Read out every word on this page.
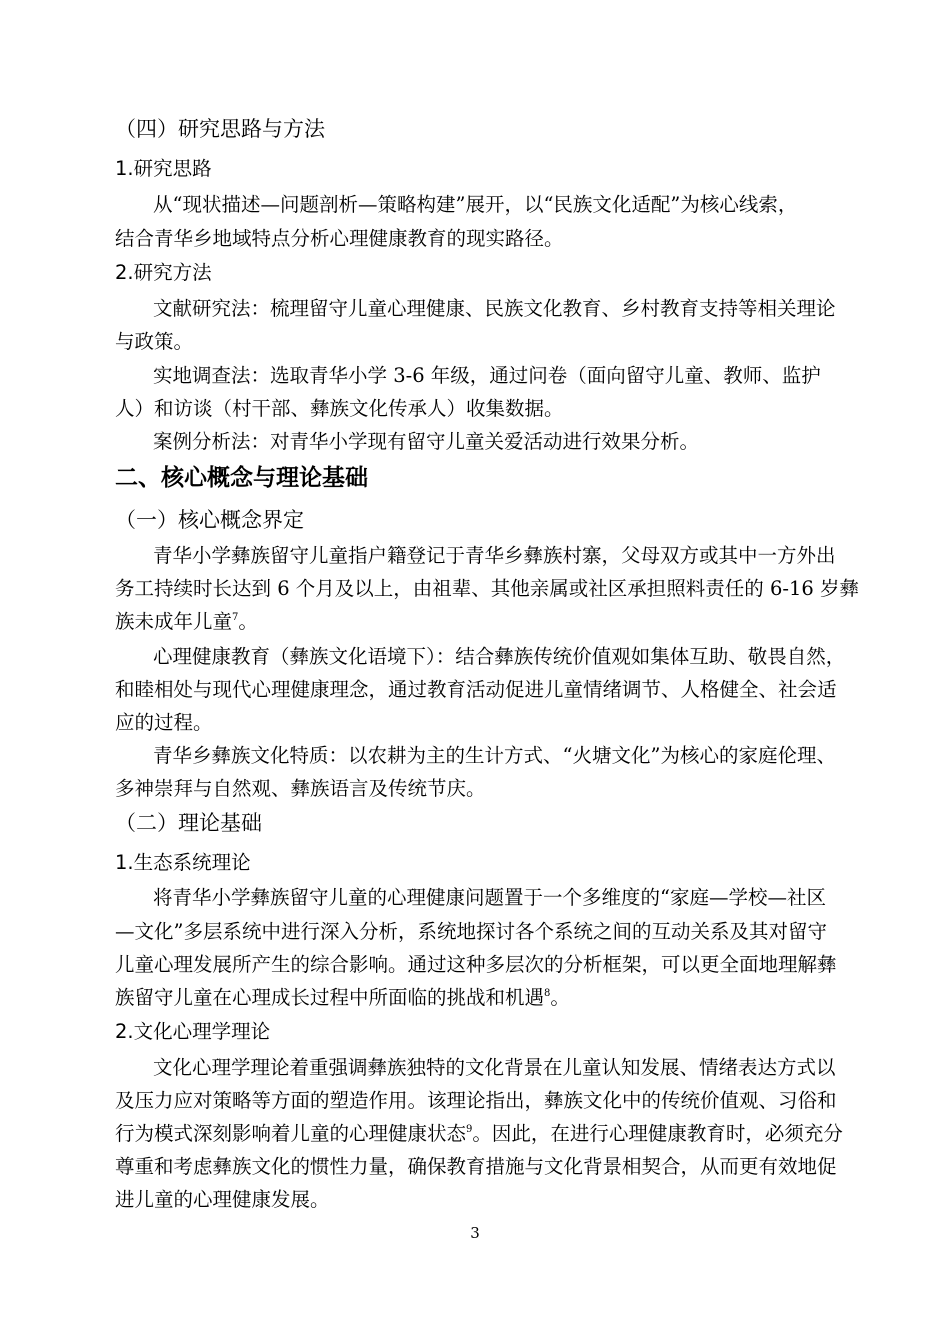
（四）研究思路与方法
1.研究思路
从“现状描述—问题剖析—策略构建”展开，以“民族文化适配”为核心线索，
结合青华乡地域特点分析心理健康教育的现实路径。
2.研究方法
文献研究法：梳理留守儿童心理健康、民族文化教育、乡村教育支持等相关理论
与政策。
实地调查法：选取青华小学 3-6 年级，通过问卷（面向留守儿童、教师、监护
人）和访谈（村干部、彝族文化传承人）收集数据。
案例分析法：对青华小学现有留守儿童关爱活动进行效果分析。
二、核心概念与理论基础
（一）核心概念界定
青华小学彝族留守儿童指户籍登记于青华乡彝族村寨，父母双方或其中一方外出
务工持续时长达到 6 个月及以上，由祖辈、其他亲属或社区承担照料责任的 6-16 岁彝
族未成年儿童$^7$。
心理健康教育（彝族文化语境下）：结合彝族传统价值观如集体互助、敬畏自然，
和睦相处与现代心理健康理念，通过教育活动促进儿童情绪调节、人格健全、社会适
应的过程。
青华乡彝族文化特质：以农耕为主的生计方式、“火塘文化”为核心的家庭伦理、
多神崇拜与自然观、彝族语言及传统节庆。
（二）理论基础
1.生态系统理论
将青华小学彝族留守儿童的心理健康问题置于一个多维度的“家庭—学校—社区
—文化”多层系统中进行深入分析，系统地探讨各个系统之间的互动关系及其对留守
儿童心理发展所产生的综合影响。通过这种多层次的分析框架，可以更全面地理解彝
族留守儿童在心理成长过程中所面临的挑战和机遇$^8$。
2.文化心理学理论
文化心理学理论着重强调彝族独特的文化背景在儿童认知发展、情绪表达方式以
及压力应对策略等方面的塑造作用。该理论指出，彝族文化中的传统价值观、习俗和
行为模式深刻影响着儿童的心理健康状态$^9$。因此，在进行心理健康教育时，必须充分
尊重和考虑彝族文化的惯性力量，确保教育措施与文化背景相契合，从而更有效地促
进儿童的心理健康发展。
3
